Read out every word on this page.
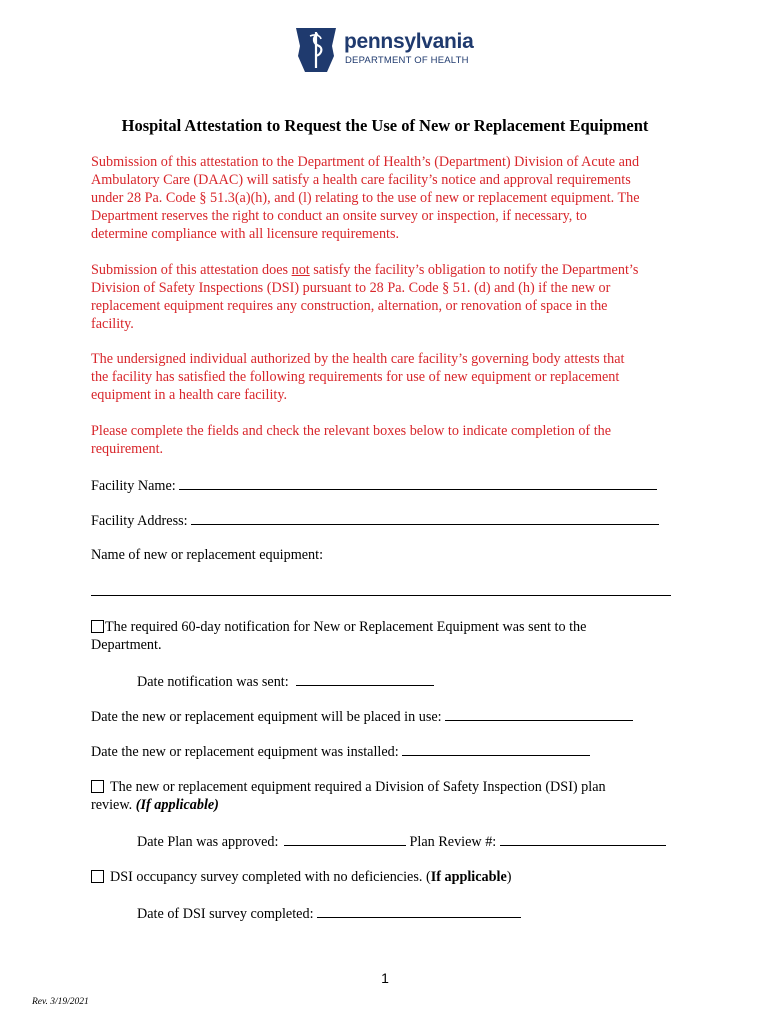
pennsylvania
DEPARTMENT OF HEALTH
Hospital Attestation to Request the Use of New or Replacement Equipment
Submission of this attestation to the Department of Health’s (Department) Division of Acute and
Ambulatory Care (DAAC) will satisfy a health care facility’s notice and approval requirements
under 28 Pa. Code § 51.3(a)(h), and (l) relating to the use of new or replacement equipment. The
Department reserves the right to conduct an onsite survey or inspection, if necessary, to
determine compliance with all licensure requirements.
Submission of this attestation does not satisfy the facility’s obligation to notify the Department’s
Division of Safety Inspections (DSI) pursuant to 28 Pa. Code § 51. (d) and (h) if the new or
replacement equipment requires any construction, alternation, or renovation of space in the
facility.
The undersigned individual authorized by the health care facility’s governing body attests that
the facility has satisfied the following requirements for use of new equipment or replacement
equipment in a health care facility.
Please complete the fields and check the relevant boxes below to indicate completion of the
requirement.
Facility Name:
Facility Address:
Name of new or replacement equipment:
The required 60-day notification for New or Replacement Equipment was sent to the
Department.
Date notification was sent:
Date the new or replacement equipment will be placed in use:
Date the new or replacement equipment was installed:
The new or replacement equipment required a Division of Safety Inspection (DSI) plan
review. (If applicable)
Date Plan was approved:	Plan Review #:
DSI occupancy survey completed with no deficiencies. (If applicable)
Date of DSI survey completed:
1
Rev. 3/19/2021
